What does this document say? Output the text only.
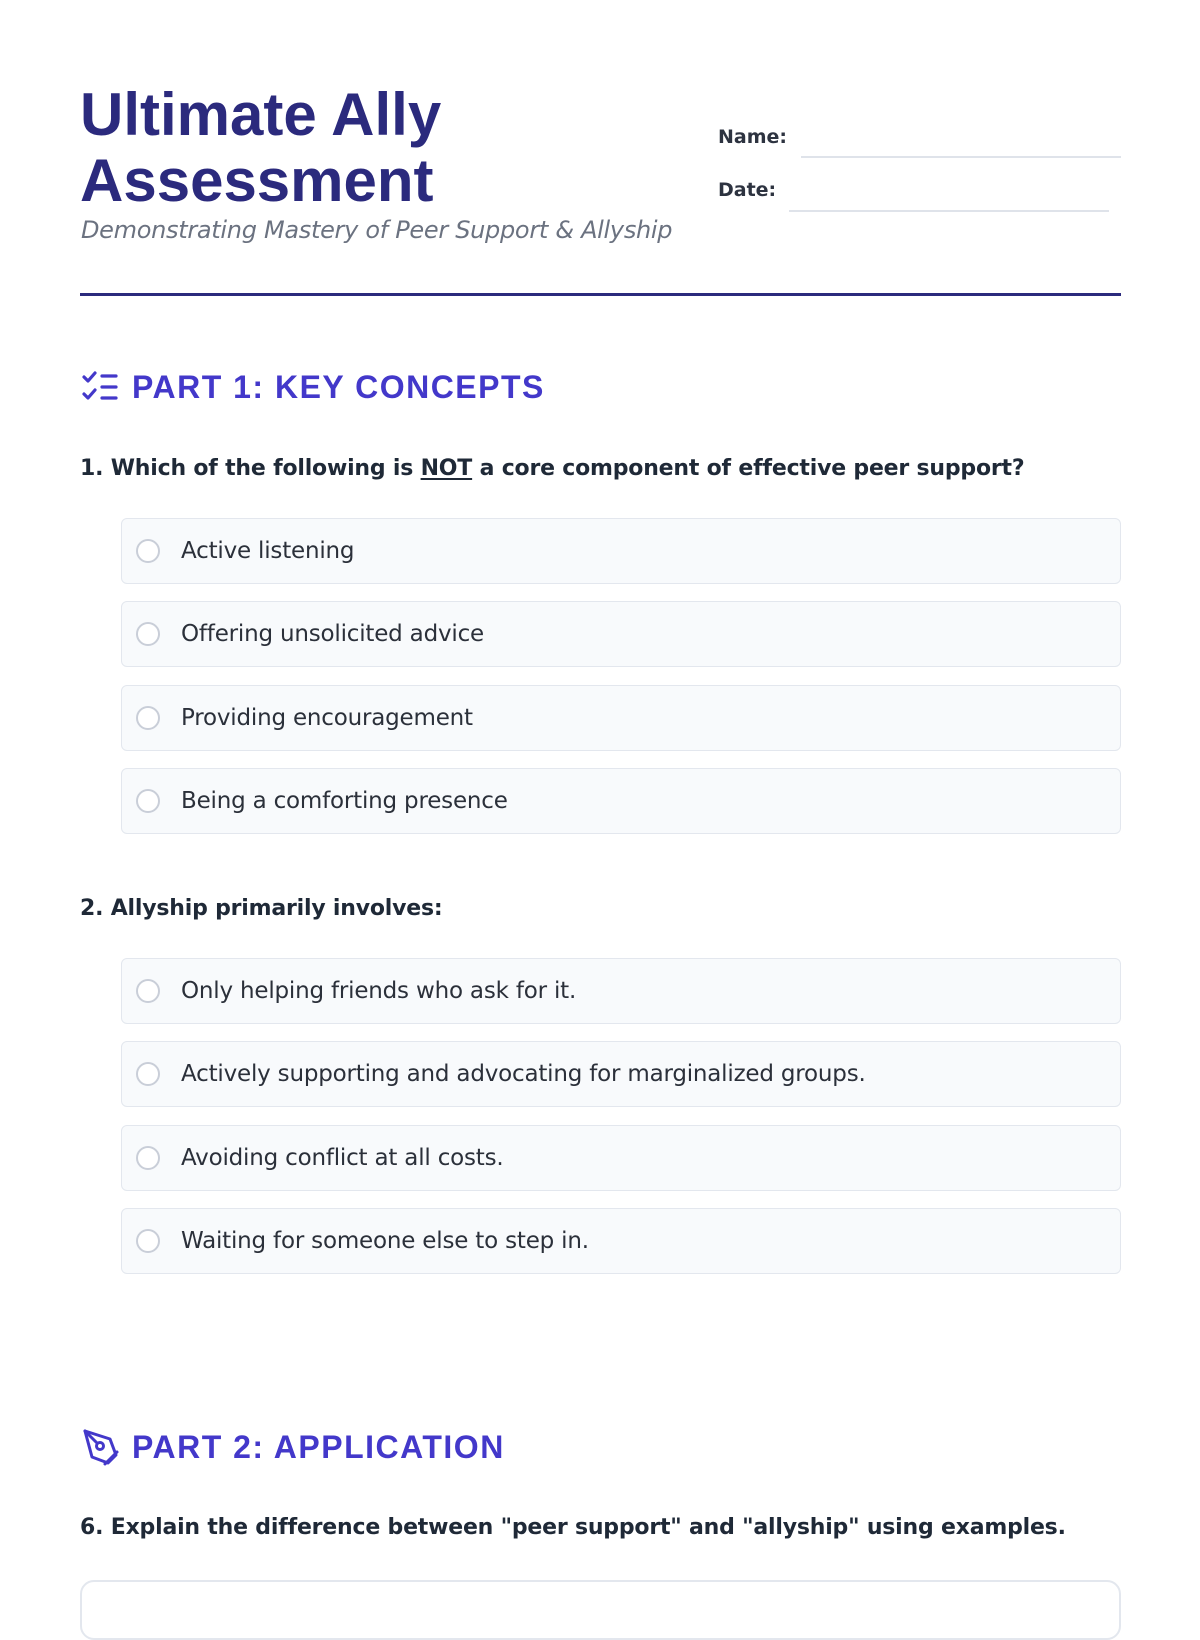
Ultimate Ally
Assessment
Demonstrating Mastery of Peer Support & Allyship
Name:
Date:
PART 1: KEY CONCEPTS

1. Which of the following is NOT a core component of effective peer support?

Active listening
Offering unsolicited advice
Providing encouragement
Being a comforting presence

2. Allyship primarily involves:

Only helping friends who ask for it.
Actively supporting and advocating for marginalized groups.
Avoiding conflict at all costs.
Waiting for someone else to step in.
PART 2: APPLICATION

6. Explain the difference between "peer support" and "allyship" using examples.
